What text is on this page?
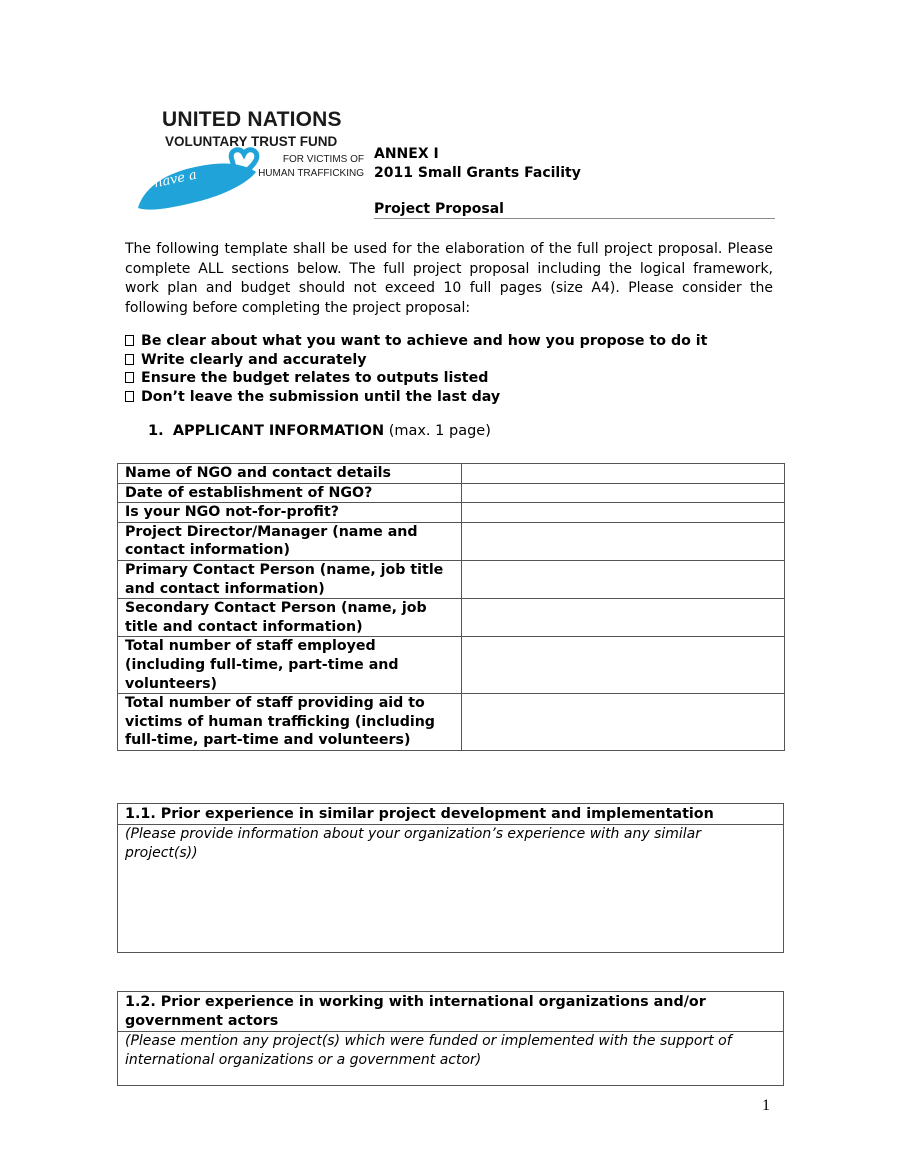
have a
UNITED NATIONS
VOLUNTARY TRUST FUND
FOR VICTIMS OF
HUMAN TRAFFICKING
ANNEX I
2011 Small Grants Facility
Project Proposal
The following template shall be used for the elaboration of the full project proposal. Please complete ALL sections below. The full project proposal including the logical framework, work plan and budget should not exceed 10 full pages (size A4). Please consider the following before completing the project proposal:
Be clear about what you want to achieve and how you propose to do it
Write clearly and accurately
Ensure the budget relates to outputs listed
Don’t leave the submission until the last day
1. APPLICANT INFORMATION (max. 1 page)
Name of NGO and contact details	
Date of establishment of NGO?	
Is your NGO not-for-profit?	
Project Director/Manager (name and contact information)	
Primary Contact Person (name, job title and contact information)	
Secondary Contact Person (name, job title and contact information)	
Total number of staff employed (including full-time, part-time and volunteers)	
Total number of staff providing aid to victims of human trafficking (including full-time, part-time and volunteers)	
1.1. Prior experience in similar project development and implementation
(Please provide information about your organization’s experience with any similar project(s))
1.2. Prior experience in working with international organizations and/or government actors
(Please mention any project(s) which were funded or implemented with the support of international organizations or a government actor)
1
